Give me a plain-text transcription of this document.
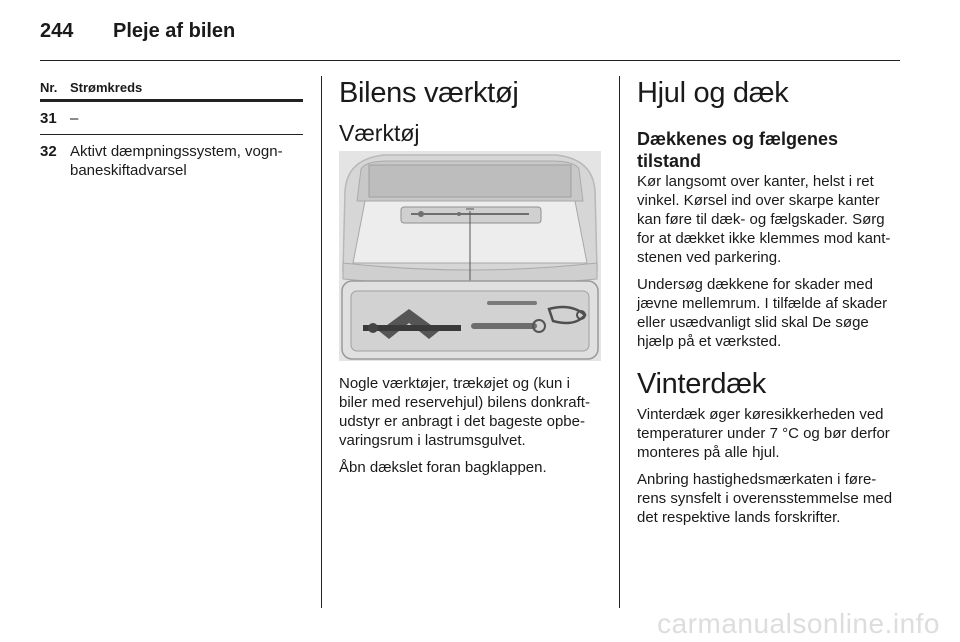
244 Pleje af bilen
Nr. Strømkreds
31 –
32 Aktivt dæmpningssystem, vogn-baneskiftadvarsel
Bilens værktøj
Værktøj

Nogle værktøjer, trækøjet og (kun i biler med reservehjul) bilens donkraft-udstyr er anbragt i det bageste opbe-varingsrum i lastrumsgulvet.

Åbn dækslet foran bagklappen.

Hjul og dæk
Dækkenes og fælgenes tilstand

Kør langsomt over kanter, helst i ret vinkel. Kørsel ind over skarpe kanter kan føre til dæk- og fælgskader. Sørg for at dækket ikke klemmes mod kant-stenen ved parkering.

Undersøg dækkene for skader med jævne mellemrum. I tilfælde af skader eller usædvanligt slid skal De søge hjælp på et værksted.

Vinterdæk

Vinterdæk øger køresikkerheden ved temperaturer under 7 °C og bør derfor monteres på alle hjul.

Anbring hastighedsmærkaten i føre-rens synsfelt i overensstemmelse med det respektive lands forskrifter.

carmanualsonline.info
